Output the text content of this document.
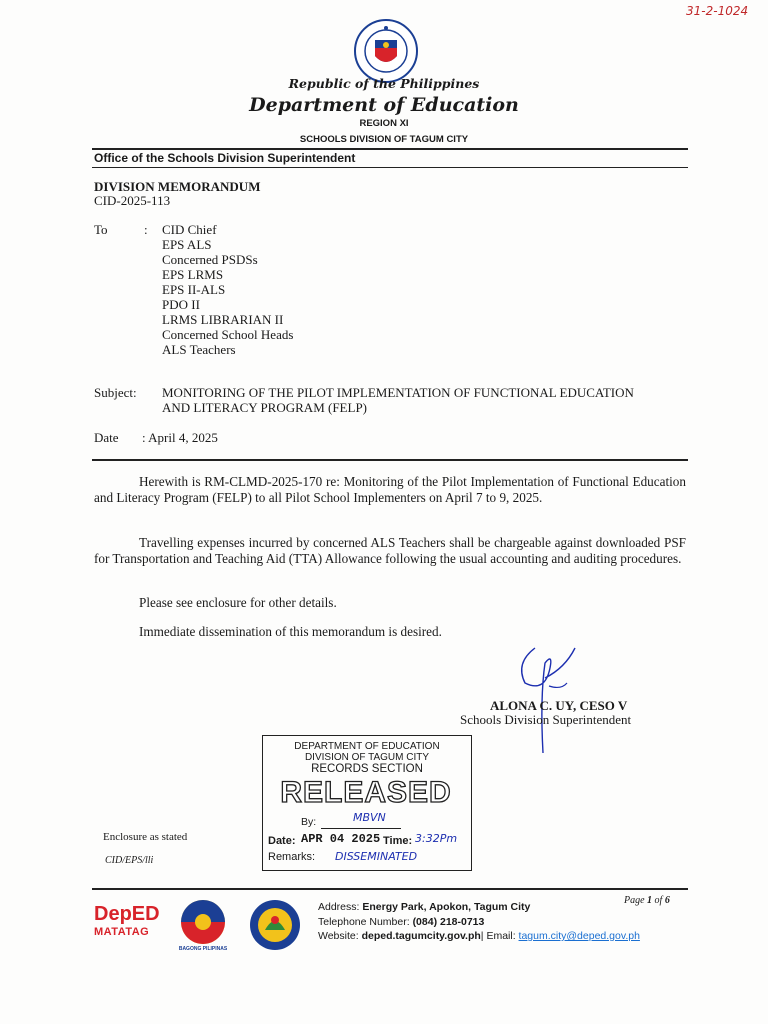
31-2-1024
Republic of the Philippines
Department of Education
REGION XI
SCHOOLS DIVISION OF TAGUM CITY
Office of the Schools Division Superintendent
DIVISION MEMORANDUM
CID-2025-113
To	: CID Chief
EPS ALS
Concerned PSDSs
EPS LRMS
EPS II-ALS
PDO II
LRMS LIBRARIAN II
Concerned School Heads
ALS Teachers
Subject: MONITORING OF THE PILOT IMPLEMENTATION OF FUNCTIONAL EDUCATION
AND LITERACY PROGRAM (FELP)
Date : April 4, 2025
Herewith is RM-CLMD-2025-170 re: Monitoring of the Pilot Implementation of Functional Education and Literacy Program (FELP) to all Pilot School Implementers on April 7 to 9, 2025.
Travelling expenses incurred by concerned ALS Teachers shall be chargeable against downloaded PSF for Transportation and Teaching Aid (TTA) Allowance following the usual accounting and auditing procedures.
Please see enclosure for other details.
Immediate dissemination of this memorandum is desired.
ALONA C. UY, CESO V
Schools Division Superintendent
DEPARTMENT OF EDUCATION
DIVISION OF TAGUM CITY
RECORDS SECTION
RELEASED
By:	MBVN
Date: APR 04 2025 Time: 3:32Pm
Remarks: DISSEMINATED
Enclosure as stated
CID/EPS/lli
DepED
MATATAG
BAGONG PILIPINAS
Address: Energy Park, Apokon, Tagum City
Telephone Number: (084) 218-0713
Website: deped.tagumcity.gov.ph| Email: tagum.city@deped.gov.ph
Page 1 of 6
